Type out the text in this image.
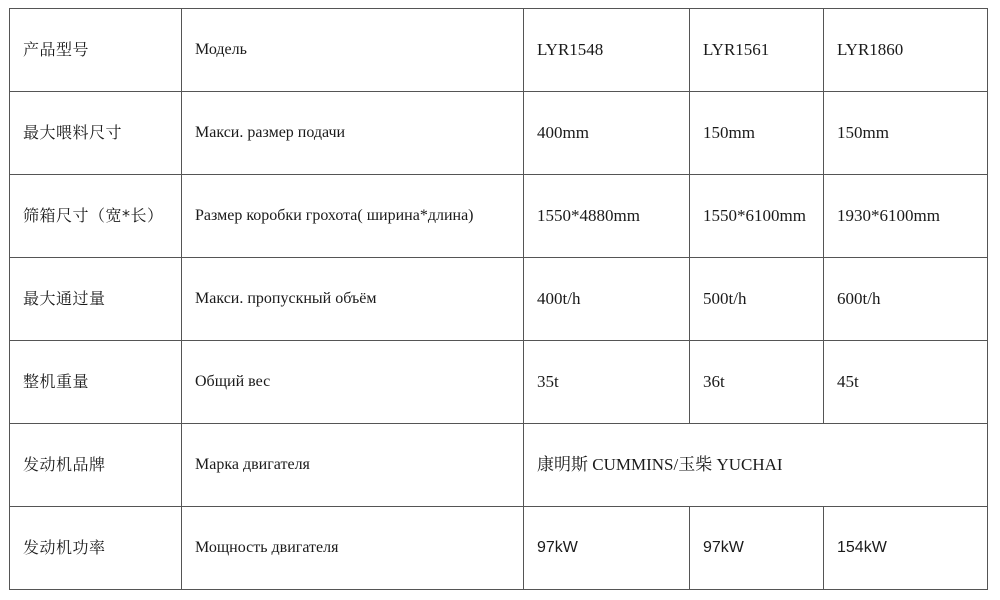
产品型号	Модель	LYR1548	LYR1561	LYR1860
最大喂料尺寸	Макси. размер подачи	400mm	150mm	150mm
筛箱尺寸（宽*长）	Размер коробки грохота( ширина*длина)	1550*4880mm	1550*6100mm	1930*6100mm
最大通过量	Макси. пропускный объём	400t/h	500t/h	600t/h
整机重量	Общий вес	35t	36t	45t
发动机品牌	Марка двигателя	康明斯 CUMMINS/玉柴 YUCHAI		
发动机功率	Мощность двигателя	97kW	97kW	154kW
